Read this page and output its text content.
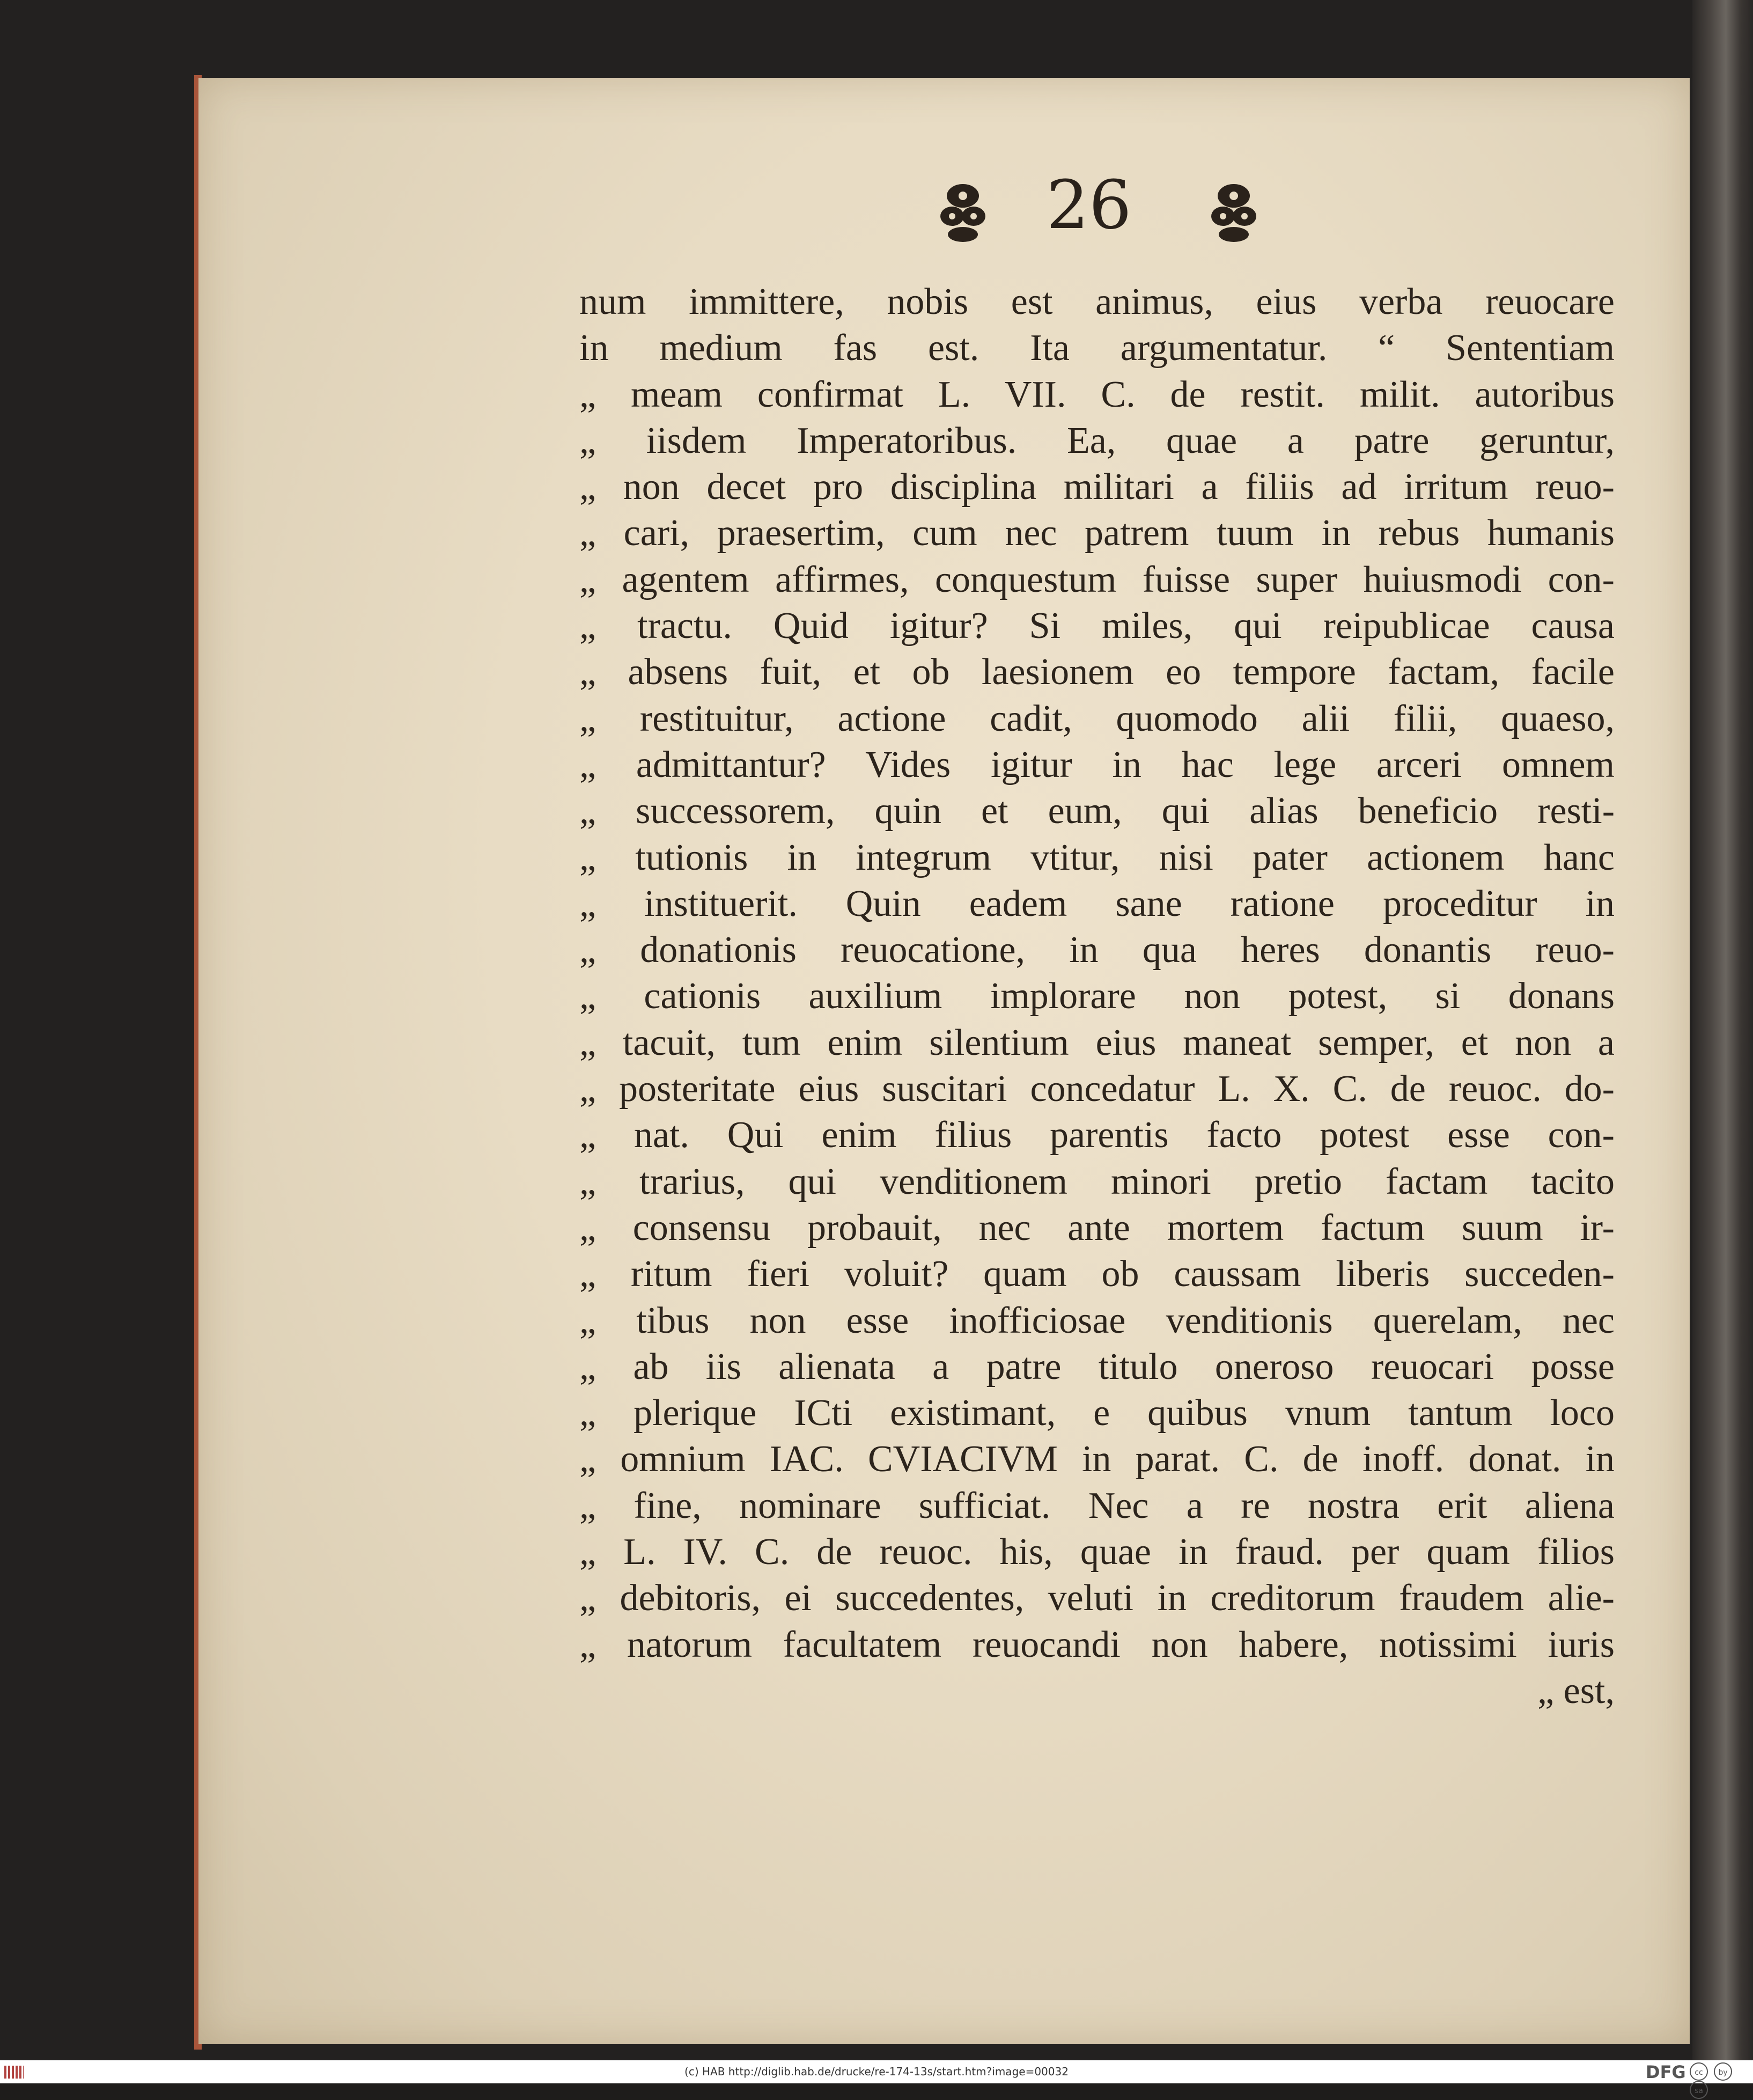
26
num immittere, nobis est animus, eius verba reuocare
in medium fas est. Ita argumentatur. “ Sententiam
„ meam confirmat L. VII. C. de restit. milit. autoribus
„ iisdem Imperatoribus. Ea, quae a patre geruntur,
„ non decet pro disciplina militari a filiis ad irritum reuo-
„ cari, praesertim, cum nec patrem tuum in rebus humanis
„ agentem affirmes, conquestum fuisse super huiusmodi con-
„ tractu. Quid igitur? Si miles, qui reipublicae causa
„ absens fuit, et ob laesionem eo tempore factam, facile
„ restituitur, actione cadit, quomodo alii filii, quaeso,
„ admittantur? Vides igitur in hac lege arceri omnem
„ successorem, quin et eum, qui alias beneficio resti-
„ tutionis in integrum vtitur, nisi pater actionem hanc
„ instituerit. Quin eadem sane ratione proceditur in
„ donationis reuocatione, in qua heres donantis reuo-
„ cationis auxilium implorare non potest, si donans
„ tacuit, tum enim silentium eius maneat semper, et non a
„ posteritate eius suscitari concedatur L. X. C. de reuoc. do-
„ nat. Qui enim filius parentis facto potest esse con-
„ trarius, qui venditionem minori pretio factam tacito
„ consensu probauit, nec ante mortem factum suum ir-
„ ritum fieri voluit? quam ob caussam liberis succeden-
„ tibus non esse inofficiosae venditionis querelam, nec
„ ab iis alienata a patre titulo oneroso reuocari posse
„ plerique ICti existimant, e quibus vnum tantum loco
„ omnium IAC. CVIACIVM in parat. C. de inoff. donat. in
„ fine, nominare sufficiat. Nec a re nostra erit aliena
„ L. IV. C. de reuoc. his, quae in fraud. per quam filios
„ debitoris, ei succedentes, veluti in creditorum fraudem alie-
„ natorum facultatem reuocandi non habere, notissimi iuris
„ est,
(c) HAB http://diglib.hab.de/drucke/re-174-13s/start.htm?image=00032	DFG	cc by sa
